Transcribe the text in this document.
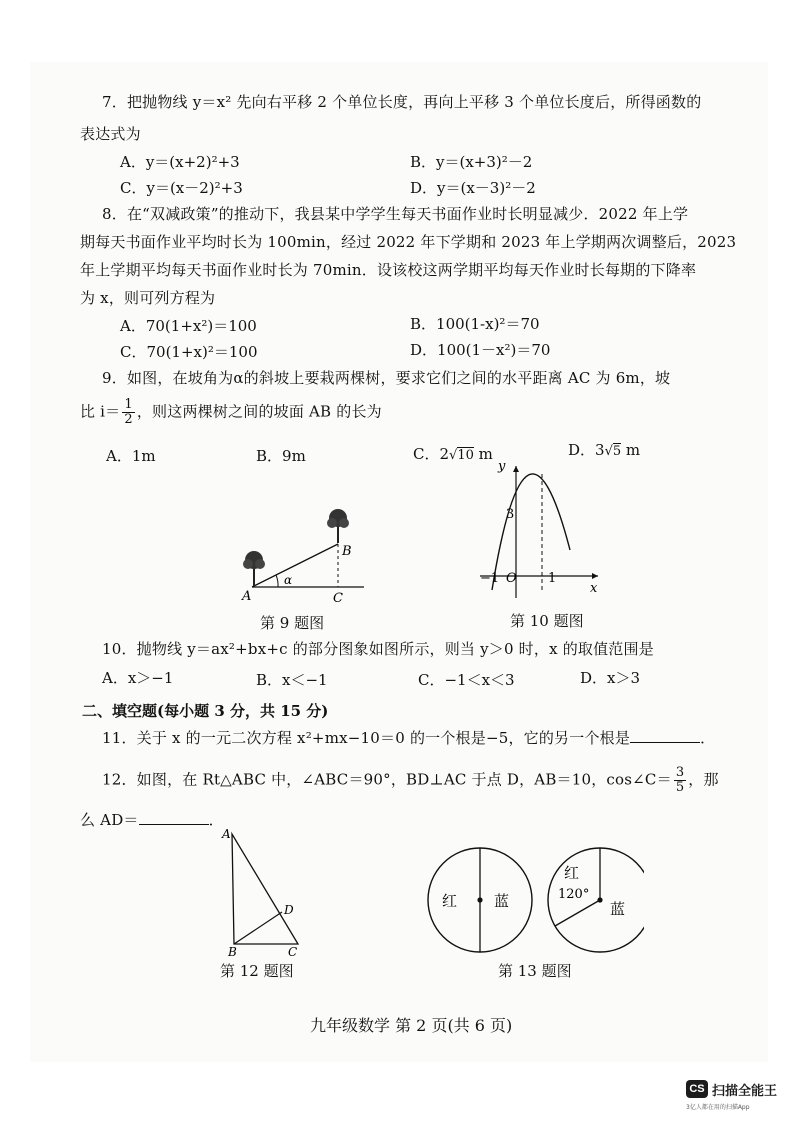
7．把抛物线 y＝x² 先向右平移 2 个单位长度，再向上平移 3 个单位长度后，所得函数的
表达式为
A．y＝(x+2)²+3	B．y＝(x+3)²－2
C．y＝(x－2)²+3	D．y＝(x－3)²－2
8．在“双减政策”的推动下，我县某中学学生每天书面作业时长明显减少．2022 年上学
期每天书面作业平均时长为 100min，经过 2022 年下学期和 2023 年上学期两次调整后，2023
年上学期平均每天书面作业时长为 70min．设该校这两学期平均每天作业时长每期的下降率
为 x，则可列方程为
A．70(1+x²)＝100	B．100(1-x)²＝70
C．70(1+x)²＝100	D．100(1－x²)＝70
9．如图，在坡角为α的斜坡上要栽两棵树，要求它们之间的水平距离 AC 为 6m，坡
比 $i= \frac{1}{2}$ ，则这两棵树之间的坡面 AB 的长为
A．1m	B．9m	C．2√10 m	D．3√5 m
A
B
C
α
第 9 题图
y
x
3
−1 O 1
第 10 题图
10．抛物线 y＝ax²+bx+c 的部分图象如图所示，则当 y＞0 时，x 的取值范围是
A．x＞−1	B．x＜−1	C．−1＜x＜3	D．x＞3
二、填空题(每小题 3 分，共 15 分)
11．关于 x 的一元二次方程 x²+mx−10＝0 的一个根是−5，它的另一个根是	．
12．如图，在 Rt△ABC 中，∠ABC＝90°，BD⊥AC 于点 D，AB＝10，cos∠C＝ $\frac{3}{5}$ ，那
么 AD＝	．
A
B	C
D
第 12 题图
红 蓝
红
120°
蓝
第 13 题图
九年级数学 第 2 页(共 6 页)
CS 扫描全能王
3亿人都在用的扫描App
